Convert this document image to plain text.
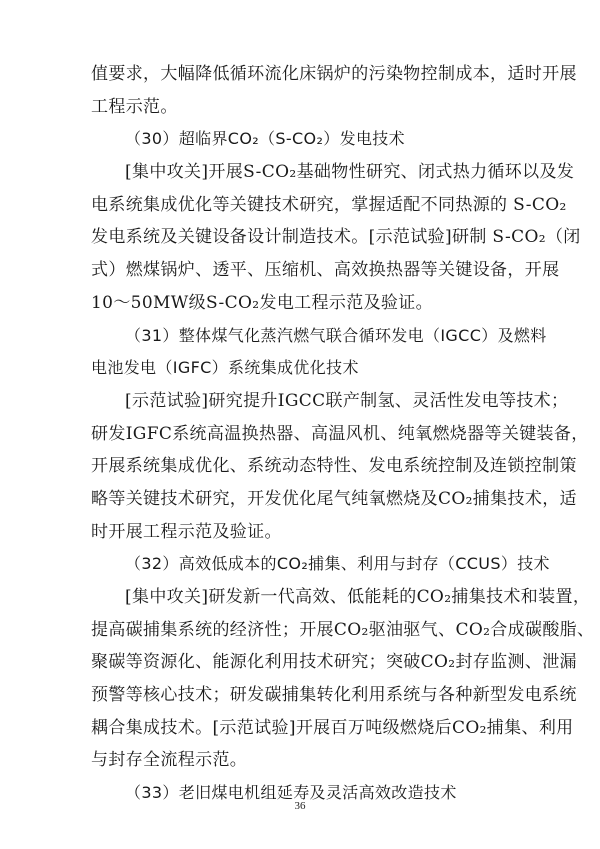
值要求，大幅降低循环流化床锅炉的污染物控制成本，适时开展
工程示范。
（30）超临界CO₂（S-CO₂）发电技术
[集中攻关]开展S-CO₂基础物性研究、闭式热力循环以及发
电系统集成优化等关键技术研究，掌握适配不同热源的 S-CO₂
发电系统及关键设备设计制造技术。[示范试验]研制 S-CO₂（闭
式）燃煤锅炉、透平、压缩机、高效换热器等关键设备，开展
10～50MW级S-CO₂发电工程示范及验证。
（31）整体煤气化蒸汽燃气联合循环发电（IGCC）及燃料
电池发电（IGFC）系统集成优化技术
[示范试验]研究提升IGCC联产制氢、灵活性发电等技术；
研发IGFC系统高温换热器、高温风机、纯氧燃烧器等关键装备，
开展系统集成优化、系统动态特性、发电系统控制及连锁控制策
略等关键技术研究，开发优化尾气纯氧燃烧及CO₂捕集技术，适
时开展工程示范及验证。
（32）高效低成本的CO₂捕集、利用与封存（CCUS）技术
[集中攻关]研发新一代高效、低能耗的CO₂捕集技术和装置，
提高碳捕集系统的经济性；开展CO₂驱油驱气、CO₂合成碳酸脂、
聚碳等资源化、能源化利用技术研究；突破CO₂封存监测、泄漏
预警等核心技术；研发碳捕集转化利用系统与各种新型发电系统
耦合集成技术。[示范试验]开展百万吨级燃烧后CO₂捕集、利用
与封存全流程示范。
（33）老旧煤电机组延寿及灵活高效改造技术
36
